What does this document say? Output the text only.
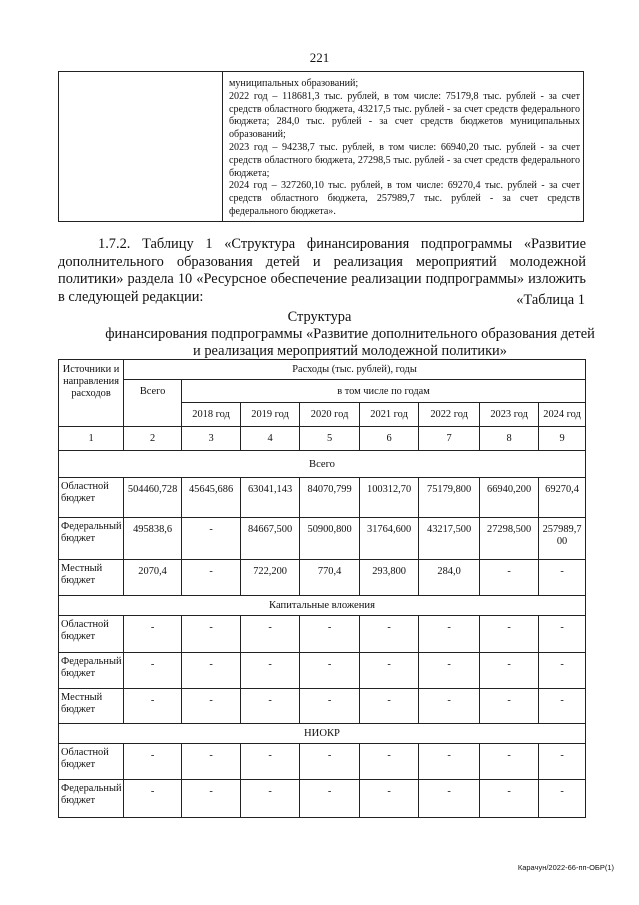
221

муниципальных образований;

2022 год – 118681,3 тыс. рублей, в том числе: 75179,8 тыс. рублей - за счет средств областного бюджета, 43217,5 тыс. рублей - за счет средств федерального бюджета; 284,0 тыс. рублей - за счет средств бюджетов муниципальных образований;

2023 год – 94238,7 тыс. рублей, в том числе: 66940,20 тыс. рублей - за счет средств областного бюджета, 27298,5 тыс. рублей - за счет средств федерального бюджета;

2024 год – 327260,10 тыс. рублей, в том числе: 69270,4 тыс. рублей - за счет средств областного бюджета, 257989,7 тыс. рублей - за счет средств федерального бюджета».

1.7.2. Таблицу 1 «Структура финансирования подпрограммы «Развитие дополнительного образования детей и реализация мероприятий молодежной политики» раздела 10 «Ресурсное обеспечение реализации подпрограммы» изложить в следующей редакции:	«Таблица 1
Структура
финансирования подпрограммы «Развитие дополнительного образования детей и реализация мероприятий молодежной политики»
Источники и направления расходов	Расходы (тыс. рублей), годы							
	Всего	в том числе по годам						
		2018 год	2019 год	2020 год	2021 год	2022 год	2023 год	2024 год
1	2	3	4	5	6	7	8	9
Всего								
Областной бюджет	504460,728	45645,686	63041,143	84070,799	100312,70	75179,800	66940,200	69270,4
Федеральный бюджет	495838,6	-	84667,500	50900,800	31764,600	43217,500	27298,500	257989,700
Местный бюджет	2070,4	-	722,200	770,4	293,800	284,0	-	-
Капитальные вложения								
Областной бюджет	-	-	-	-	-	-	-	-
Федеральный бюджет	-	-	-	-	-	-	-	-
Местный бюджет	-	-	-	-	-	-	-	-
НИОКР								
Областной бюджет	-	-	-	-	-	-	-	-
Федеральный бюджет	-	-	-	-	-	-	-	-
Карачун/2022-66-пп-ОБР(1)
